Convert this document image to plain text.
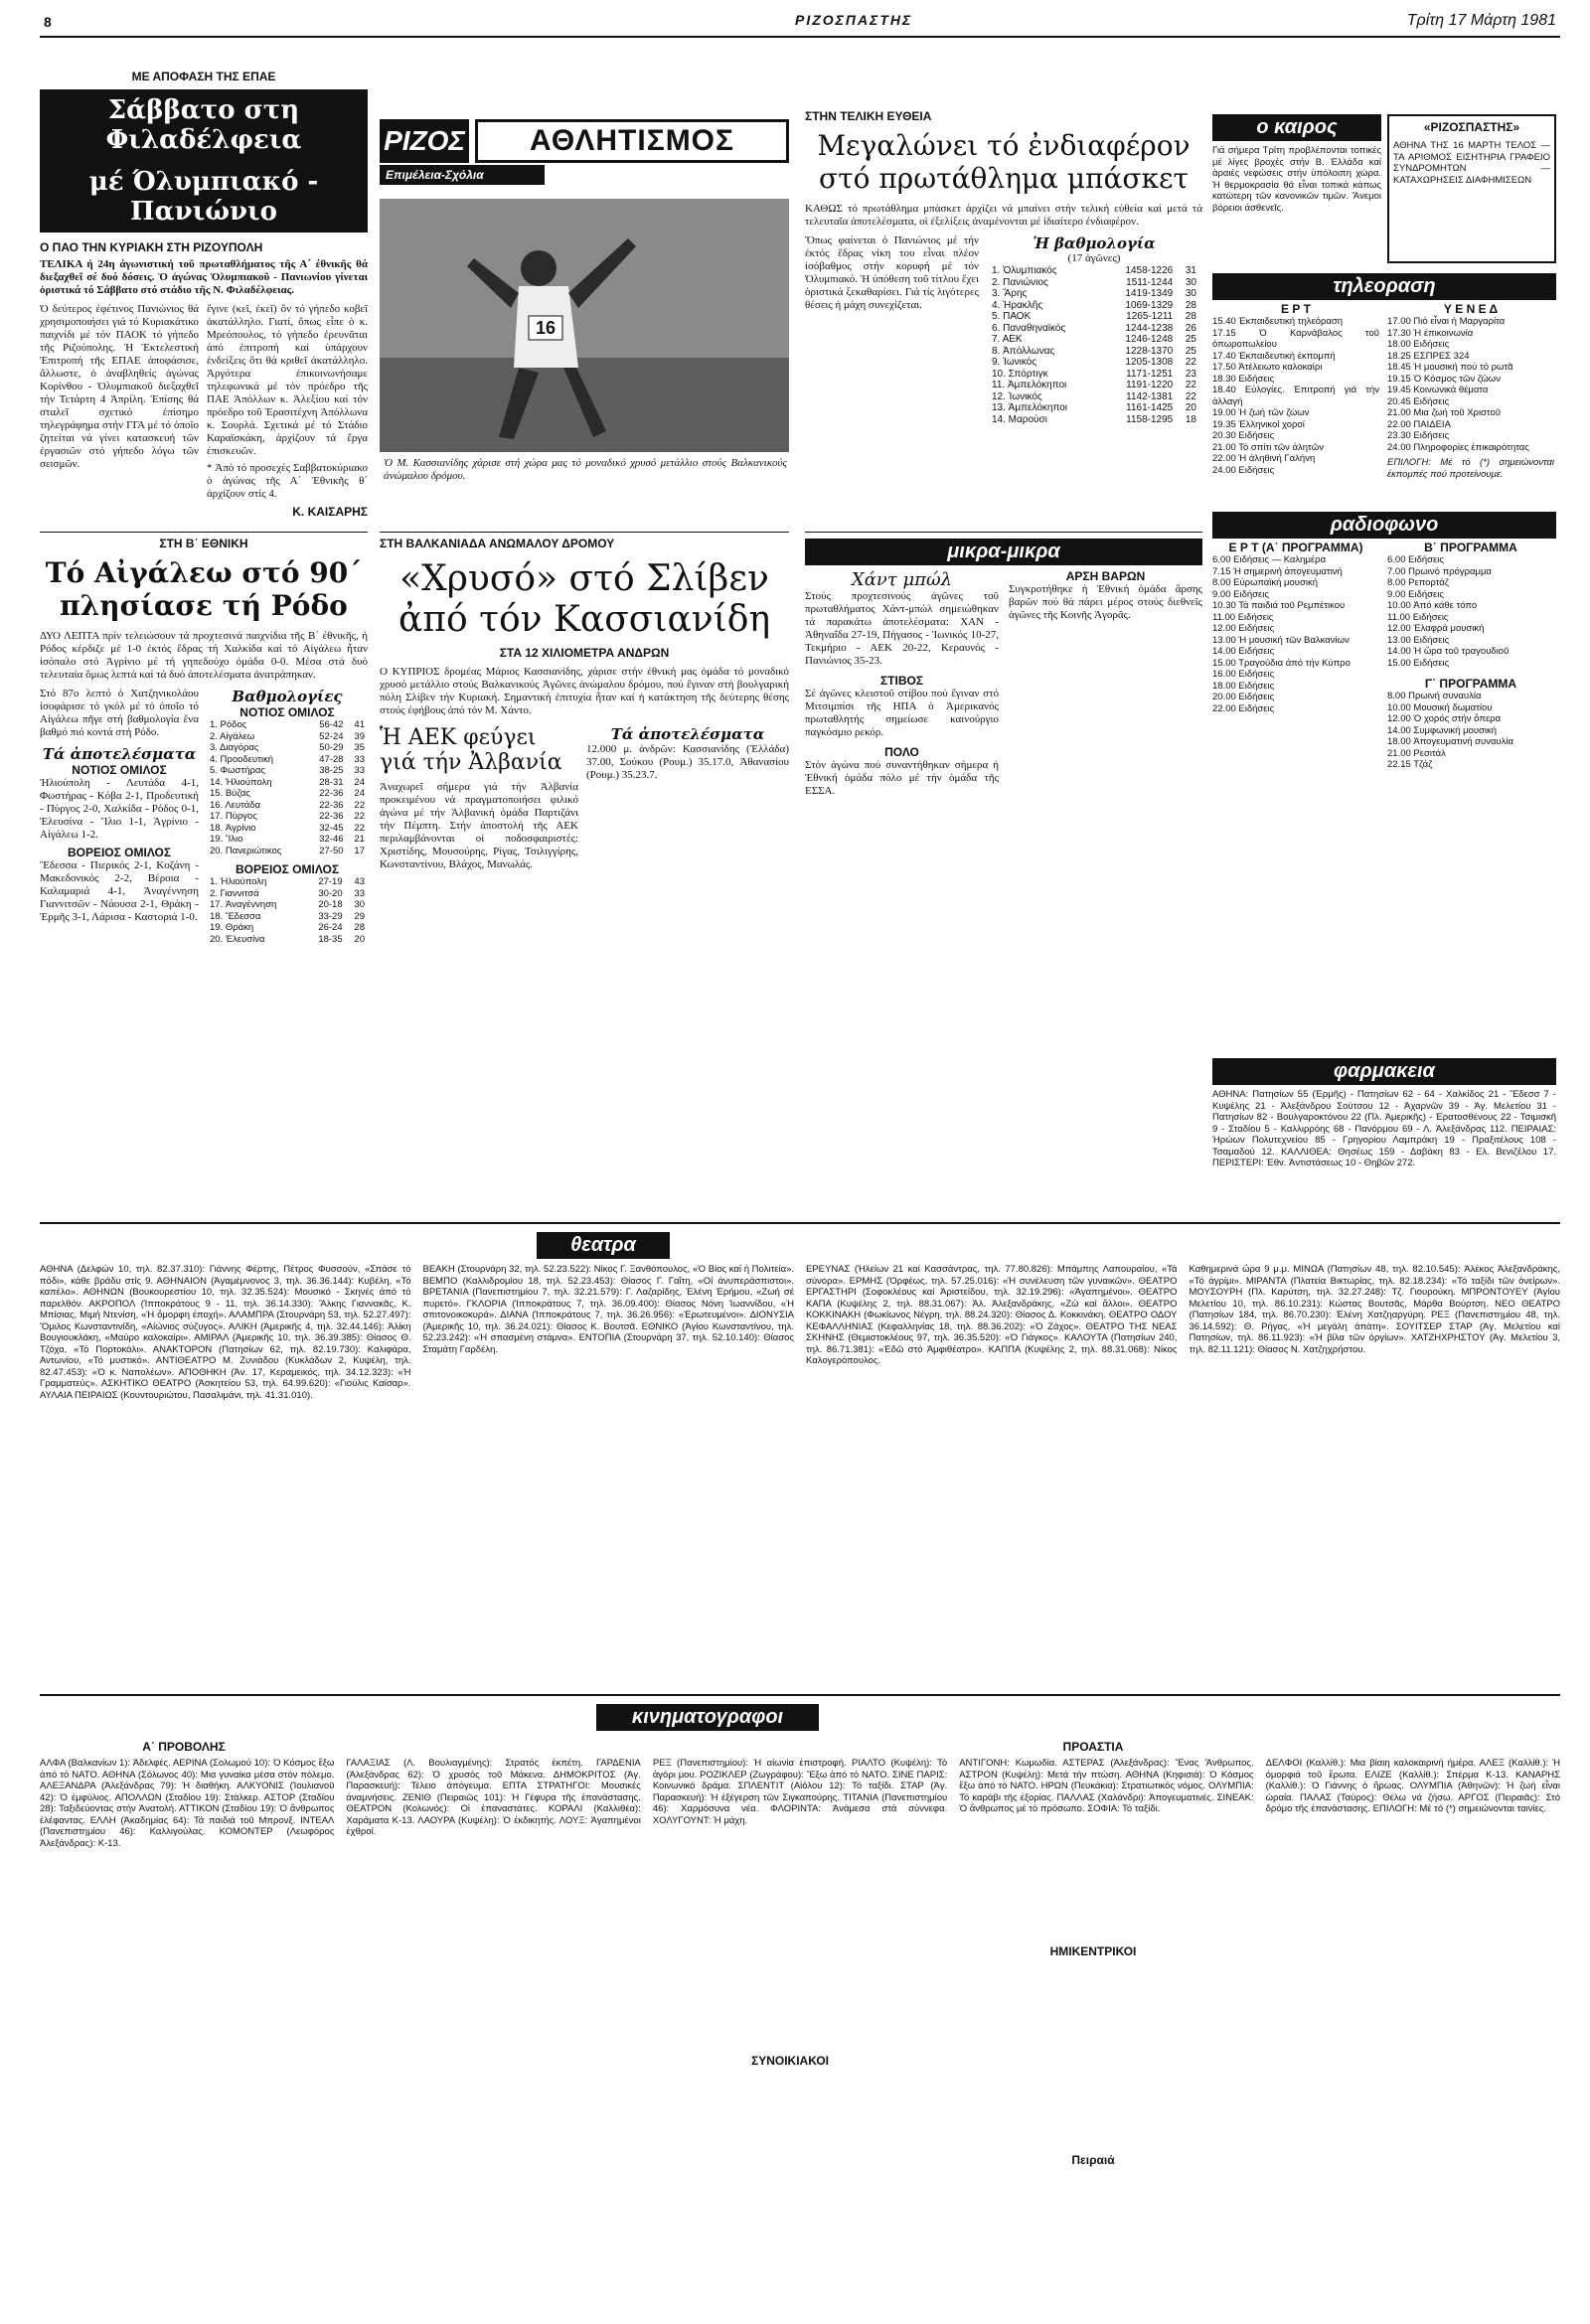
8	ΡΙΖΟΣΠΑΣΤΗΣ	Τρίτη 17 Μάρτη 1981
ΜΕ ΑΠΟΦΑΣΗ ΤΗΣ ΕΠΑΕ
Σάββατο στη Φιλαδέλφεια
μέ Όλυμπιακό - Πανιώνιο
Ο ΠΑΟ ΤΗΝ ΚΥΡΙΑΚΗ ΣΤΗ ΡΙΖΟΥΠΟΛΗ
ΤΕΛΙΚΑ ή 24η άγωνιστική τοῦ πρωταθλήματος τῆς Α΄ έθνικῆς θά διεξαχθεῖ σέ δυό δόσεις. Ὁ ἀγώνας Ὀλυμπιακοῦ - Πανιωνίου γίνεται ὁριστικά τό Σάββατο στό στάδιο τῆς Ν. Φιλαδέλφειας.
Ὁ δεύτερος ἐφέτινος Πανιώνιος θά χρησιμοποιήσει γιά τό Κυριακάτικο παιχνίδι μέ τόν ΠΑΟΚ τό γήπεδο τῆς Ριζούπολης. Ἡ Ἐκτελεστική Ἐπιτροπή τῆς ΕΠΑΕ ἀποφάσισε, ἄλλωστε, ὁ ἀναβληθείς ἀγώνας Κορίνθου - Ὀλυμπιακοῦ διεξαχθεῖ τήν Τετάρτη 4 Ἀπρίλη. Ἐπίσης θά σταλεῖ σχετικό ἐπίσημο τηλεγράφημα στήν ΓΓΑ μέ τό ὁποῖο ζητείται νά γίνει κατασκευή τῶν ἐργασιῶν στό γήπεδο λόγω τῶν σεισμῶν.
ἔγινε (κεῖ, ἐκεῖ) ὄν τό γήπεδο κοβεῖ ἀκατάλληλο. Γιατί, ὅπως εἶπε ὁ κ. Μρεόπουλος, τό γήπεδο ἐρευνᾶται ἀπό ἐπιτροπή καί ὑπάρχουν ἐνδείξεις ὅτι θά κριθεῖ ἀκατάλληλο. Ἀργότερα ἐπικοινωνήσαμε τηλεφωνικά μέ τόν πρόεδρο τῆς ΠΑΕ Ἀπόλλων κ. Ἀλεξίου καί τόν πρόεδρο τοῦ Ἐρασιτέχνη Ἀπόλλωνα κ. Σουρλά. Σχετικά μέ τό Στάδιο Καραϊσκάκη, ἀρχίζουν τά ἔργα ἐπισκευῶν.
* Ἀπό τό προσεχές Σαββατοκύριακο ὁ ἀγώνας τῆς Α΄ Ἐθνικῆς θ΄ ἀρχίζουν στίς 4.
Κ. ΚΑΙΣΑΡΗΣ
ΡΙΖΟΣ	ΑΘΛΗΤΙΣΜΟΣ
Επιμέλεια-Σχόλια
16
Ὁ Μ. Κασσιανίδης χάρισε στή χώρα μας τό μοναδικό χρυσό μετάλλιο στούς Βαλκανικούς ἀνώμαλου δρόμου.
ΣΤΗΝ ΤΕΛΙΚΗ ΕΥΘΕΙΑ
Μεγαλώνει τό ἐνδιαφέρον
στό πρωτάθλημα μπάσκετ
ΚΑΘΩΣ τό πρωτάθλημα μπάσκετ ἀρχίζει νά μπαίνει στήν τελική εὐθεία καί μετά τά τελευταῖα ἀποτελέσματα, οἱ ἐξελίξεις ἀναμένονται μέ ἰδιαίτερο ἐνδιαφέρον.
Ὅπως φαίνεται ὁ Πανιώνιος μέ τήν ἐκτός ἕδρας νίκη του εἶναι πλέον ἰσόβαθμος στήν κορυφή μέ τόν Ὀλυμπιακό. Ἡ ὑπόθεση τοῦ τίτλου ἔχει ὁριστικά ξεκαθαρίσει. Γιά τίς λιγότερες θέσεις ἡ μάχη συνεχίζεται.
Ἡ βαθμολογία
(17 ἀγῶνες)
1. Ὀλυμπιακός	1458-1226	31
2. Πανιώνιος	1511-1244	30
3. Ἄρης	1419-1349	30
4. Ἠρακλῆς	1069-1329	28
5. ΠΑΟΚ	1265-1211	28
6. Παναθηναϊκός	1244-1238	26
7. ΑΕΚ	1246-1248	25
8. Ἀπόλλωνας	1228-1370	25
9. Ἰωνικός	1205-1308	22
10. Σπόρτιγκ	1171-1251	23
11. Ἀμπελόκηποι	1191-1220	22
12. Ἰωνικός	1142-1381	22
13. Ἀμπελόκηποι	1161-1425	20
14. Μαρούσι	1158-1295	18
ο καιρος
Γιά σήμερα Τρίτη προβλέπονται τοπικές μέ λίγες βροχές στήν Β. Ἑλλάδα καί ἀραιές νεφώσεις στήν ὑπόλοιπη χώρα. Ἡ θερμοκρασία θά εἶναι τοπικά κάπως κατώτερη τῶν κανονικῶν τιμῶν. Ἄνεμοι βόρειοι ἀσθενεῖς.
«ΡΙΖΟΣΠΑΣΤΗΣ»
ΑΘΗΝΑ ΤΗΣ 16 ΜΑΡΤΗ ΤΕΛΟΣ — ΤΑ ΑΡΙΘΜΟΣ ΕΙΣΗΤΗΡΙΑ ΓΡΑΦΕΙΟ ΣΥΝΔΡΟΜΗΤΩΝ — ΚΑΤΑΧΩΡΗΣΕΙΣ ΔΙΑΦΗΜΙΣΕΩΝ
τηλεοραση
Ε Ρ Τ
15.40 Ἐκπαιδευτική τηλεόραση
17.15 Ὁ Καρνάβαλος τοῦ ὁπωροπωλείου
17.40 Ἐκπαιδευτική ἐκπομπή
17.50 Ἀτέλειωτο καλοκαίρι
18.30 Ειδήσεις
18.40 Εὐλογίες. Ἐπιτροπή γιά τήν ἀλλαγή
19.00 Ἡ ζωή τῶν ζώων
19.35 Ἑλληνικοί χοροί
20.30 Ειδήσεις
21.00 Τό σπίτι τῶν ἀλητῶν
22.00 Ἡ ἀληθινή Γαλήνη
24.00 Ειδήσεις
Υ Ε Ν Ε Δ
17.00 Πιό εἶναι ἡ Μαργαρίτα
17.30 Ἡ ἐπικοινωνία
18.00 Ειδήσεις
18.25 ΕΣΠΡΕΣ 324
18.45 Ἡ μουσική πού τό ρωτᾶ
19.15 Ὁ Κόσμος τῶν ζώων
19.45 Κοινωνικά θέματα
20.45 Ειδήσεις
21.00 Μια ζωή τοῦ Χριστοῦ
22.00 ΠΑΙΔΕΙΑ
23.30 Ειδήσεις
24.00 Πληροφορίες ἐπικαιρότητας
ΕΠΙΛΟΓΗ: Μέ τό (*) σημειώνονται ἐκπομπές πού προτείνουμε.
ραδιοφωνο
Ε Ρ Τ (Α΄ ΠΡΟΓΡΑΜΜΑ)
6.00 Ειδήσεις — Καλημέρα
7.15 Ἡ σημερινή ἀπογευματινή
8.00 Εὐρωπαϊκή μουσική
9.00 Ειδήσεις
10.30 Τά παιδιά τοῦ Ρεμπέτικου
11.00 Ειδήσεις
12.00 Ειδήσεις
13.00 Ἡ μουσική τῶν Βαλκανίων
14.00 Ειδήσεις
15.00 Τραγούδια ἀπό τήν Κύπρο
16.00 Ειδήσεις
18.00 Ειδήσεις
20.00 Ειδήσεις
22.00 Ειδήσεις
Β΄ ΠΡΟΓΡΑΜΜΑ
6.00 Ειδήσεις
7.00 Πρωινό πρόγραμμα
8.00 Ρεπορτάζ
9.00 Ειδήσεις
10.00 Ἀπό κάθε τόπο
11.00 Ειδήσεις
12.00 Ἐλαφρά μουσική
13.00 Ειδήσεις
14.00 Ἡ ὥρα τοῦ τραγουδιοῦ
15.00 Ειδήσεις
Γ΄ ΠΡΟΓΡΑΜΜΑ
8.00 Πρωινή συναυλία
10.00 Μουσική δωματίου
12.00 Ὁ χορός στήν ὄπερα
14.00 Συμφωνική μουσική
18.00 Ἀπογευματινή συναυλία
21.00 Ρεσιτάλ
22.15 Τζάζ
φαρμακεια
ΑΘΗΝΑ: Πατησίων 55 (Ἐρμῆς) - Πατησίων 62 - 64 - Χαλκίδος 21 - Ἔδεσσ 7 - Κυψέλης 21 - Ἀλεξάνδρου Σούτσου 12 - Ἀχαρνῶν 39 - Ἀγ. Μελετίου 31 - Πατησίων 82 - Βουλγαροκτόνου 22 (Πλ. Ἀμερικῆς) - Ἐρατοσθένους 22 - Τσιμισκῆ 9 - Σταδίου 5 - Καλλιρρόης 68 - Πανόρμου 69 - Λ. Ἀλεξάνδρας 112. ΠΕΙΡΑΙΑΣ: Ἠρώων Πολυτεχνείου 85 - Γρηγορίου Λαμπράκη 19 - Πραξιτέλους 108 - Τσαμαδού 12. ΚΑΛΛΙΘΕΑ: Θησέως 159 - Δαβάκη 83 - Ελ. Βενιζέλου 17. ΠΕΡΙΣΤΕΡΙ: Ἐθν. Ἀντιστάσεως 10 - Θηβῶν 272.
ΣΤΗ Β΄ ΕΘΝΙΚΗ
Τό Αἰγάλεω στό 90΄
πλησίασε τή Ρόδο
ΔΥΟ ΛΕΠΤΑ πρίν τελειώσουν τά προχτεσινά παιχνίδια τῆς Β΄ έθνικῆς, ἡ Ρόδος κέρδιζε μέ 1-0 ἐκτός ἕδρας τή Χαλκίδα καί τό Αἰγάλεω ἦταν ἰσόπαλο στό Ἀγρίνιο μέ τή γηπεδούχο ὁμάδα 0-0. Μέσα στά δυό τελευταία ὅμως λεπτά καί τά δυό ἀποτελέσματα ἀνατράπηκαν.
Στό 87ο λεπτό ὁ Χατζηνικολάου ἰσοφάρισε τό γκόλ μέ τό ὁποῖο τό Αἰγάλεω πῆγε στή βαθμολογία ἕνα βαθμό πιό κοντά στή Ρόδο.
Τά ἀποτελέσματα
ΝΟΤΙΟΣ ΟΜΙΛΟΣ
Ἠλιούπολη - Λευτάδα 4-1, Φωστήρας - Κόβα 2-1, Προδευτική - Πύργος 2-0, Χαλκίδα - Ρόδος 0-1, Ἐλευσίνα - Ἴλιο 1-1, Ἀγρίνιο - Αἰγάλεω 1-2.
ΒΟΡΕΙΟΣ ΟΜΙΛΟΣ
Ἔδεσσα - Πιερικός 2-1, Κοζάνη - Μακεδονικός 2-2, Βέροια - Καλαμαριά 4-1, Ἀναγέννηση Γιαννιτσῶν - Νάουσα 2-1, Θράκη - Ἑρμῆς 3-1, Λάρισα - Καστοριά 1-0.
Βαθμολογίες
ΝΟΤΙΟΣ ΟΜΙΛΟΣ
1. Ρόδος	56-42	41
2. Αἰγάλεω	52-24	39
3. Διαγόρας	50-29	35
4. Προοδευτική	47-28	33
5. Φωστήρας	38-25	33
14. Ἠλιούπολη	28-31	24
15. Βύζας	22-36	24
16. Λευτάδα	22-36	22
17. Πύργος	22-36	22
18. Ἀγρίνιο	32-45	22
19. Ἴλιο	32-46	21
20. Πανεριώτικος	27-50	17
ΒΟΡΕΙΟΣ ΟΜΙΛΟΣ
1. Ἠλιούπολη	27-19	43
2. Γιαννιτσά	30-20	33
17. Ἀναγέννηση	20-18	30
18. Ἔδεσσα	33-29	29
19. Θράκη	26-24	28
20. Ἐλευσίνα	18-35	20
ΣΤΗ ΒΑΛΚΑΝΙΑΔΑ ΑΝΩΜΑΛΟΥ ΔΡΟΜΟΥ
«Χρυσό» στό Σλίβεν
ἀπό τόν Κασσιανίδη
ΣΤΑ 12 ΧΙΛΙΟΜΕΤΡΑ ΑΝΔΡΩΝ
Ο ΚΥΠΡΙΟΣ δρομέας Μάριος Κασσιανίδης, χάρισε στήν ἐθνική μας ὁμάδα τό μοναδικό χρυσό μετάλλιο στούς Βαλκανικούς Ἀγῶνες ἀνώμαλου δρόμου, πού ἔγιναν στή βουλγαρική πόλη Σλίβεν τήν Κυριακή. Σημαντική ἐπιτυχία ἦταν καί ἡ κατάκτηση τῆς δεύτερης θέσης στούς ἐφήβους ἀπό τόν Μ. Χάντο.
Ἡ ΑΕΚ φεύγει
γιά τήν Ἀλβανία
Ἀναχωρεῖ σήμερα γιά τήν Ἀλβανία προκειμένου νά πραγματοποιήσει φιλικό ἀγώνα μέ τήν Ἀλβανική ὁμάδα Παρτιζάνι τήν Πέμπτη. Στήν ἀποστολή τῆς ΑΕΚ περιλαμβάνονται οἱ ποδοσφαιριστές: Χριστίδης, Μουσούρης, Ρίγας, Τσιλιγγίρης, Κωνσταντίνου, Βλάχος, Μανωλάς.
Τά ἀποτελέσματα
12.000 μ. ἀνδρῶν: Κασσιανίδης (Ἑλλάδα) 37.00, Σούκου (Ρουμ.) 35.17.0, Ἀθανασίου (Ρουμ.) 35.23.7.
μικρα-μικρα
Χάντ μπώλ
Στούς προχτεσινούς ἀγῶνες τοῦ πρωταθλήματος Χάντ-μπώλ σημειώθηκαν τά παρακάτω ἀποτελέσματα: ΧΑΝ - Ἀθηναΐδα 27-19, Πήγασος - Ἰωνικός 10-27, Τεκμήριο - ΑΕΚ 20-22, Κεραυνός - Πανιώνιος 35-23.
ΣΤΙΒΟΣ
Σέ ἀγῶνες κλειστοῦ στίβου πού ἔγιναν στό Μιτσιμπίσι τῆς ΗΠΑ ὁ Ἀμερικανός πρωταθλητής σημείωσε καινούργιο παγκόσμιο ρεκόρ.
ΠΟΛΟ
Στόν ἀγώνα πού συναντήθηκαν σήμερα ἡ Ἐθνική ὁμάδα πόλο μέ τήν ὁμάδα τῆς ΕΣΣΑ.
ΑΡΣΗ ΒΑΡΩΝ
Συγκροτήθηκε ἡ Ἐθνική ὁμάδα ἄρσης βαρῶν πού θά πάρει μέρος στούς διεθνεῖς ἀγῶνες τῆς Κοινῆς Ἀγορᾶς.
θεατρα
ΑΘΗΝΑ (Δελφών 10, τηλ. 82.37.310): Γιάννης Φέρτης, Πέτρος Φυσσούν, «Σπάσε τό πόδι», κάθε βράδυ στίς 9. ΑΘΗΝΑΙΟΝ (Ἀγαμέμνονος 3, τηλ. 36.36.144): Κυβέλη, «Τό καπέλο». ΑΘΗΝΩΝ (Βουκουρεστίου 10, τηλ. 32.35.524): Μουσικό - Σκηνές ἀπό τό παρελθόν. ΑΚΡΟΠΟΛ (Ἰπποκράτους 9 - 11, τηλ. 36.14.330): Ἄλκης Γιαννακᾶς, Κ. Μπίσιας, Μιμή Ντενίση, «Ἡ ὄμορφη ἐποχή». ΑΛΑΜΠΡΑ (Στουρνάρη 53, τηλ. 52.27.497): Ὅμιλος Κωνσταντινίδη, «Αἰώνιος σύζυγος». ΑΛΙΚΗ (Ἀμερικῆς 4, τηλ. 32.44.146): Ἀλίκη Βουγιουκλάκη, «Μαύρο καλοκαίρι». ΑΜΙΡΑΛ (Ἀμερικῆς 10, τηλ. 36.39.385): Θίασος Θ. Τζόχα, «Τό Πορτοκάλι». ΑΝΑΚΤΟΡΟΝ (Πατησίων 62, τηλ. 82.19.730): Καλιφάρα, Αντωνίου, «Τό μυστικό». ΑΝΤΙΘΕΑΤΡΟ Μ. Ζυνιάδου (Κυκλάδων 2, Κυψέλη, τηλ. 82.47.453): «Ὁ κ. Ναπολέων». ΑΠΟΘΗΚΗ (Ἀν. 17, Κεραμεικός, τηλ. 34.12.323): «Ἡ Γραμματεύς». ΑΣΚΗΤΙΚΟ ΘΕΑΤΡΟ (Ἀσκητείου 53, τηλ. 64.99.620): «Γιούλις Καίσαρ». ΑΥΛΑΙΑ ΠΕΙΡΑΙΩΣ (Κουντουριώτου, Πασαλιμάνι, τηλ. 41.31.010).
ΒΕΑΚΗ (Στουρνάρη 32, τηλ. 52.23.522): Νίκος Γ. Ξανθόπουλος, «Ὁ Βίος καί ἡ Πολιτεία». ΒΕΜΠΟ (Καλλιδρομίου 18, τηλ. 52.23.453): Θίασος Γ. Γαΐτη, «Οἱ ἀνυπεράσπιστοι». ΒΡΕΤΑΝΙΑ (Πανεπιστημίου 7, τηλ. 32.21.579): Γ. Λαζαρίδης, Ἑλένη Ἐρήμου, «Ζωή σέ πυρετό». ΓΚΛΟΡΙΑ (Ἱπποκράτους 7, τηλ. 36.09.400): Θίασος Νόνη Ἰωαννίδου, «Ἡ σπιτονοικοκυρά». ΔΙΑΝΑ (Ἱπποκράτους 7, τηλ. 36.26.956): «Ἐρωτευμένοι». ΔΙΟΝΥΣΙΑ (Ἀμερικῆς 10, τηλ. 36.24.021): Θίασος Κ. Βουτσᾶ. ΕΘΝΙΚΟ (Ἀγίου Κωνσταντίνου, τηλ. 52.23.242): «Ἡ σπασμένη στάμνα». ΕΝΤΟΠΙΑ (Στουρνάρη 37, τηλ. 52.10.140): Θίασος Σταμάτη Γαρδέλη.
ΕΡΕΥΝΑΣ (Ἠλείων 21 καί Κασσάντρας, τηλ. 77.80.826): Μπάμπης Λαπουραίου, «Τά σύνορα». ΕΡΜΗΣ (Ὀρφέως, τηλ. 57.25.016): «Ἡ συνέλευση τῶν γυναικῶν». ΘΕΑΤΡΟ ΕΡΓΑΣΤΗΡΙ (Σοφοκλέους καί Ἀριστείδου, τηλ. 32.19.296): «Ἀγαπημένοι». ΘΕΑΤΡΟ ΚΑΠΑ (Κυψέλης 2, τηλ. 88.31.067): Ἀλ. Ἀλεξανδράκης, «Ζώ καί ἄλλοι». ΘΕΑΤΡΟ ΚΟΚΚΙΝΑΚΗ (Φωκίωνος Νέγρη, τηλ. 88.24.320): Θίασος Δ. Κοκκινάκη. ΘΕΑΤΡΟ ΟΔΟΥ ΚΕΦΑΛΛΗΝΙΑΣ (Κεφαλληνίας 18, τηλ. 88.36.202): «Ὁ Ζάχος». ΘΕΑΤΡΟ ΤΗΣ ΝΕΑΣ ΣΚΗΝΗΣ (Θεμιστοκλέους 97, τηλ. 36.35.520): «Ὁ Γιάγκος». ΚΑΛΟΥΤΑ (Πατησίων 240, τηλ. 86.71.381): «Ἑδῶ στό Ἀμφιθέατρο». ΚΑΠΠΑ (Κυψέλης 2, τηλ. 88.31.068): Νίκος Καλογερόπουλος.
Καθημερινά ὥρα 9 μ.μ. ΜΙΝΩΑ (Πατησίων 48, τηλ. 82.10.545): Ἀλέκος Ἀλεξανδράκης, «Τό ἀγρίμι». ΜΙΡΑΝΤΑ (Πλατεία Βικτωρίας, τηλ. 82.18.234): «Τό ταξίδι τῶν ὀνείρων». ΜΟΥΣΟΥΡΗ (Πλ. Καρύτση, τηλ. 32.27.248): Τζ. Γιουρούκη. ΜΠΡΟΝΤΟΥΕΥ (Ἀγίου Μελετίου 10, τηλ. 86.10.231): Κώστας Βουτσᾶς, Μάρθα Βούρτση. ΝΕΟ ΘΕΑΤΡΟ (Πατησίων 184, τηλ. 86.70.230): Ἐλένη Χατζηαργύρη. ΡΕΞ (Πανεπιστημίου 48, τηλ. 36.14.592): Θ. Ρήγας, «Ἡ μεγάλη ἀπάτη». ΣΟΥΙΤΣΕΡ ΣΤΑΡ (Ἀγ. Μελετίου καί Πατησίων, τηλ. 86.11.923): «Ἡ βίλα τῶν ὀργίων». ΧΑΤΖΗΧΡΗΣΤΟΥ (Ἀγ. Μελετίου 3, τηλ. 82.11.121): Θίασος Ν. Χατζηχρήστου.
κινηματογραφοι
Α΄ ΠΡΟΒΟΛΗΣ	ΠΡΟΑΣΤΙΑ
ΗΜΙΚΕΝΤΡΙΚΟΙ
ΣΥΝΟΙΚΙΑΚΟΙ
Πειραιά
ΑΛΦΑ (Βαλκανίων 1): Ἀδελφές. ΑΕΡΙΝΑ (Σολωμού 10): Ὁ Κόσμος ἔξω ἀπό τό ΝΑΤΟ. ΑΘΗΝΑ (Σόλωνος 40): Μια γυναίκα μέσα στόν πόλεμο. ΑΛΕΞΑΝΔΡΑ (Ἀλεξάνδρας 79): Ἡ διαθήκη. ΑΛΚΥΟΝΙΣ (Ἰουλιανοῦ 42): Ὁ ἐμφύλιος. ΑΠΟΛΛΩΝ (Σταδίου 19): Στάλκερ. ΑΣΤΟΡ (Σταδίου 28): Ταξιδεύοντας στήν Ἀνατολή. ΑΤΤΙΚΟΝ (Σταδίου 19): Ὁ ἄνθρωπος ἐλέφαντας. ΕΛΛΗ (Ἀκαδημίας 64): Τά παιδιά τοῦ Μπρονξ. ΙΝΤΕΑΛ (Πανεπιστημίου 46): Καλλιγούλας. ΚΟΜΟΝΤΕΡ (Λεωφόρος Ἀλεξάνδρας): Κ-13.
ΓΑΛΑΞΙΑΣ (Λ. Βουλιαγμένης): Στρατός ἐκπέτη. ΓΑΡΔΕΝΙΑ (Ἀλεξάνδρας 62): Ὁ χρυσός τοῦ Μάκενα. ΔΗΜΟΚΡΙΤΟΣ (Ἀγ. Παρασκευή): Τέλειο ἀπόγευμα. ΕΠΤΑ ΣΤΡΑΤΗΓΟΙ: Μουσικές ἀναμνήσεις. ΖΕΝΙΘ (Πειραιῶς 101): Ἡ Γέφυρα τῆς ἐπανάστασης. ΘΕΑΤΡΟΝ (Κολωνός): Οἱ ἐπαναστάτες. ΚΟΡΑΛΙ (Καλλιθέα): Χαράματα Κ-13. ΛΑΟΥΡΑ (Κυψέλη): Ὁ ἐκδικητής. ΛΟΥΞ: Ἀγαπημένοι ἐχθροί.
ΡΕΞ (Πανεπιστημίου): Ἡ αἰωνία ἐπιστροφή. ΡΙΑΛΤΟ (Κυψέλη): Τό ἀγόρι μου. ΡΟΖΙΚΛΕΡ (Ζωγράφου): Ἔξω ἀπό τό ΝΑΤΟ. ΣΙΝΕ ΠΑΡΙΣ: Κοινωνικό δράμα. ΣΠΛΕΝΤΙΤ (Αἰόλου 12): Τό ταξίδι. ΣΤΑΡ (Ἀγ. Παρασκευή): Ἡ ἐξέγερση τῶν Σιγκαπούρης. ΤΙΤΑΝΙΑ (Πανεπιστημίου 46): Χαρμόσυνα νέα. ΦΛΟΡΙΝΤΑ: Ἀνάμεσα στά σύννεφα. ΧΟΛΥΓΟΥΝΤ: Ἡ μάχη.
ΑΝΤΙΓΟΝΗ: Κωμωδία. ΑΣΤΕΡΑΣ (Ἀλεξάνδρας): Ἔνας Ἄνθρωπος. ΑΣΤΡΟΝ (Κυψέλη): Μετά τήν πτώση. ΑΘΗΝΑ (Κηφισιά): Ὁ Κόσμος ἔξω ἀπό τό ΝΑΤΟ. ΗΡΩΝ (Πευκάκια): Στρατιωτικός νόμος. ΟΛΥΜΠΙΑ: Τό καράβι τῆς ἐξορίας. ΠΑΛΛΑΣ (Χαλάνδρι): Ἀπογευματινές. ΣΙΝΕΑΚ: Ὁ ἄνθρωπος μέ τό πρόσωπο. ΣΟΦΙΑ: Τό ταξίδι.
ΔΕΛΦΟΙ (Καλλίθ.): Μια βίαιη καλοκαιρινή ἡμέρα. ΑΛΕΞ (Καλλίθ.): Ἡ ὁμορφιά τοῦ ἔρωτα. ΕΛΙΖΕ (Καλλίθ.): Σπέρμα Κ-13. ΚΑΝΑΡΗΣ (Καλλίθ.): Ὁ Γιάννης ὁ ἥρωας. ΟΛΥΜΠΙΑ (Ἀθηνῶν): Ἡ ζωή εἶναι ὡραία. ΠΑΛΑΣ (Ταύρος): Θέλω νά ζήσω. ΑΡΓΟΣ (Πειραιᾶς): Στό δρόμο τῆς ἐπανάστασης. ΕΠΙΛΟΓΗ: Μέ τό (*) σημειώνονται ταινίες.
